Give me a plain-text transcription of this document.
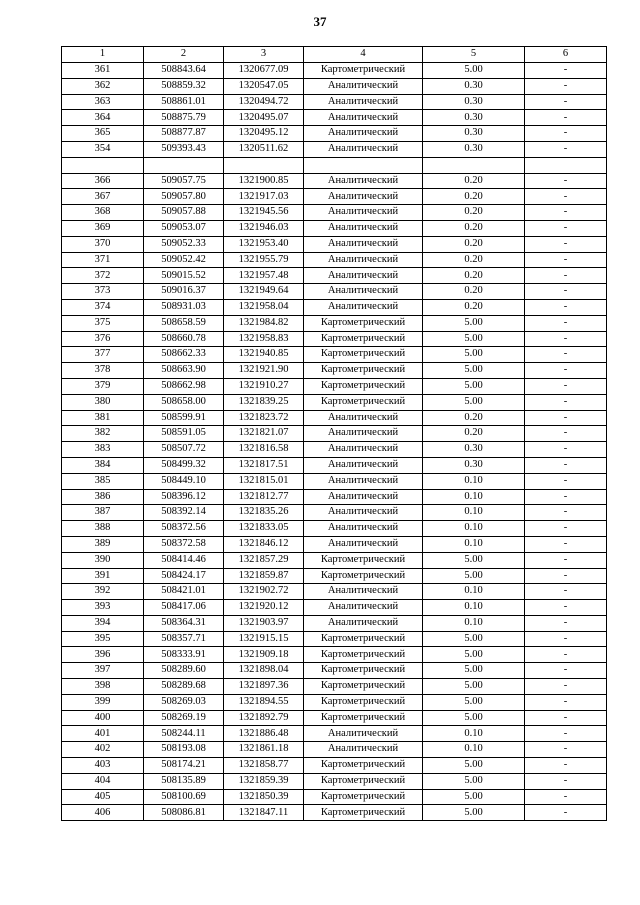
37
1	2	3	4	5	6
361	508843.64	1320677.09	Картометрический	5.00	-
362	508859.32	1320547.05	Аналитический	0.30	-
363	508861.01	1320494.72	Аналитический	0.30	-
364	508875.79	1320495.07	Аналитический	0.30	-
365	508877.87	1320495.12	Аналитический	0.30	-
354	509393.43	1320511.62	Аналитический	0.30	-

366	509057.75	1321900.85	Аналитический	0.20	-
367	509057.80	1321917.03	Аналитический	0.20	-
368	509057.88	1321945.56	Аналитический	0.20	-
369	509053.07	1321946.03	Аналитический	0.20	-
370	509052.33	1321953.40	Аналитический	0.20	-
371	509052.42	1321955.79	Аналитический	0.20	-
372	509015.52	1321957.48	Аналитический	0.20	-
373	509016.37	1321949.64	Аналитический	0.20	-
374	508931.03	1321958.04	Аналитический	0.20	-
375	508658.59	1321984.82	Картометрический	5.00	-
376	508660.78	1321958.83	Картометрический	5.00	-
377	508662.33	1321940.85	Картометрический	5.00	-
378	508663.90	1321921.90	Картометрический	5.00	-
379	508662.98	1321910.27	Картометрический	5.00	-
380	508658.00	1321839.25	Картометрический	5.00	-
381	508599.91	1321823.72	Аналитический	0.20	-
382	508591.05	1321821.07	Аналитический	0.20	-
383	508507.72	1321816.58	Аналитический	0.30	-
384	508499.32	1321817.51	Аналитический	0.30	-
385	508449.10	1321815.01	Аналитический	0.10	-
386	508396.12	1321812.77	Аналитический	0.10	-
387	508392.14	1321835.26	Аналитический	0.10	-
388	508372.56	1321833.05	Аналитический	0.10	-
389	508372.58	1321846.12	Аналитический	0.10	-
390	508414.46	1321857.29	Картометрический	5.00	-
391	508424.17	1321859.87	Картометрический	5.00	-
392	508421.01	1321902.72	Аналитический	0.10	-
393	508417.06	1321920.12	Аналитический	0.10	-
394	508364.31	1321903.97	Аналитический	0.10	-
395	508357.71	1321915.15	Картометрический	5.00	-
396	508333.91	1321909.18	Картометрический	5.00	-
397	508289.60	1321898.04	Картометрический	5.00	-
398	508289.68	1321897.36	Картометрический	5.00	-
399	508269.03	1321894.55	Картометрический	5.00	-
400	508269.19	1321892.79	Картометрический	5.00	-
401	508244.11	1321886.48	Аналитический	0.10	-
402	508193.08	1321861.18	Аналитический	0.10	-
403	508174.21	1321858.77	Картометрический	5.00	-
404	508135.89	1321859.39	Картометрический	5.00	-
405	508100.69	1321850.39	Картометрический	5.00	-
406	508086.81	1321847.11	Картометрический	5.00	-
